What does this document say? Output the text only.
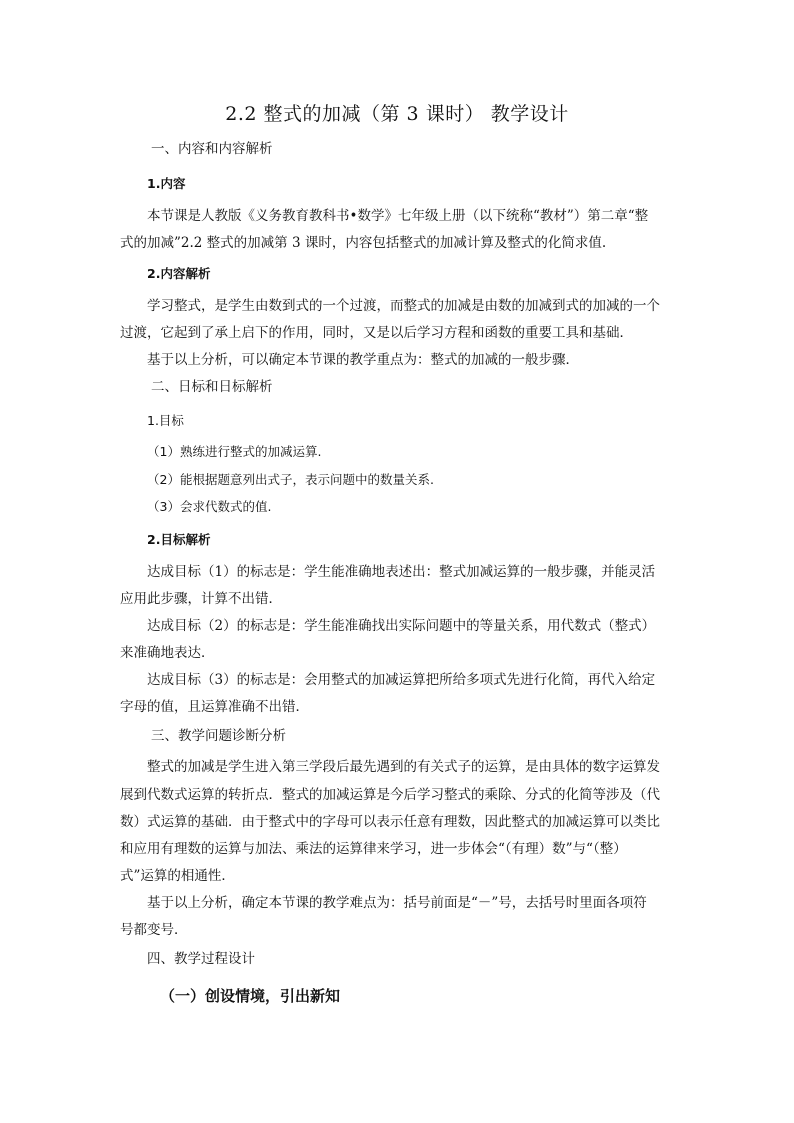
2.2 整式的加减（第 3 课时） 教学设计
一、内容和内容解析
1.内容
本节课是人教版《义务教育教科书•数学》七年级上册（以下统称“教材”）第二章“整
式的加减”2.2 整式的加减第 3 课时，内容包括整式的加减计算及整式的化简求值.
2.内容解析
学习整式，是学生由数到式的一个过渡，而整式的加减是由数的加减到式的加减的一个
过渡，它起到了承上启下的作用，同时，又是以后学习方程和函数的重要工具和基础．
基于以上分析，可以确定本节课的教学重点为：整式的加减的一般步骤．
二、日标和日标解析
1.目标
（1）熟练进行整式的加减运算.
（2）能根据题意列出式子，表示问题中的数量关系.
（3）会求代数式的值.
2.目标解析
达成目标（1）的标志是：学生能准确地表述出：整式加减运算的一般步骤，并能灵活
应用此步骤，计算不出错．
达成目标（2）的标志是：学生能准确找出实际问题中的等量关系，用代数式（整式）
来准确地表达．
达成目标（3）的标志是：会用整式的加减运算把所给多项式先进行化简，再代入给定
字母的值，且运算准确不出错．
三、教学问题诊断分析
整式的加减是学生进入第三学段后最先遇到的有关式子的运算，是由具体的数字运算发
展到代数式运算的转折点．整式的加减运算是今后学习整式的乘除、分式的化简等涉及（代
数）式运算的基础．由于整式中的字母可以表示任意有理数，因此整式的加减运算可以类比
和应用有理数的运算与加法、乘法的运算律来学习，进一步体会“（有理）数”与“（整）
式”运算的相通性．
基于以上分析，确定本节课的教学难点为：括号前面是“－”号，去括号时里面各项符
号都变号．
四、教学过程设计
（一）创设情境，引出新知
